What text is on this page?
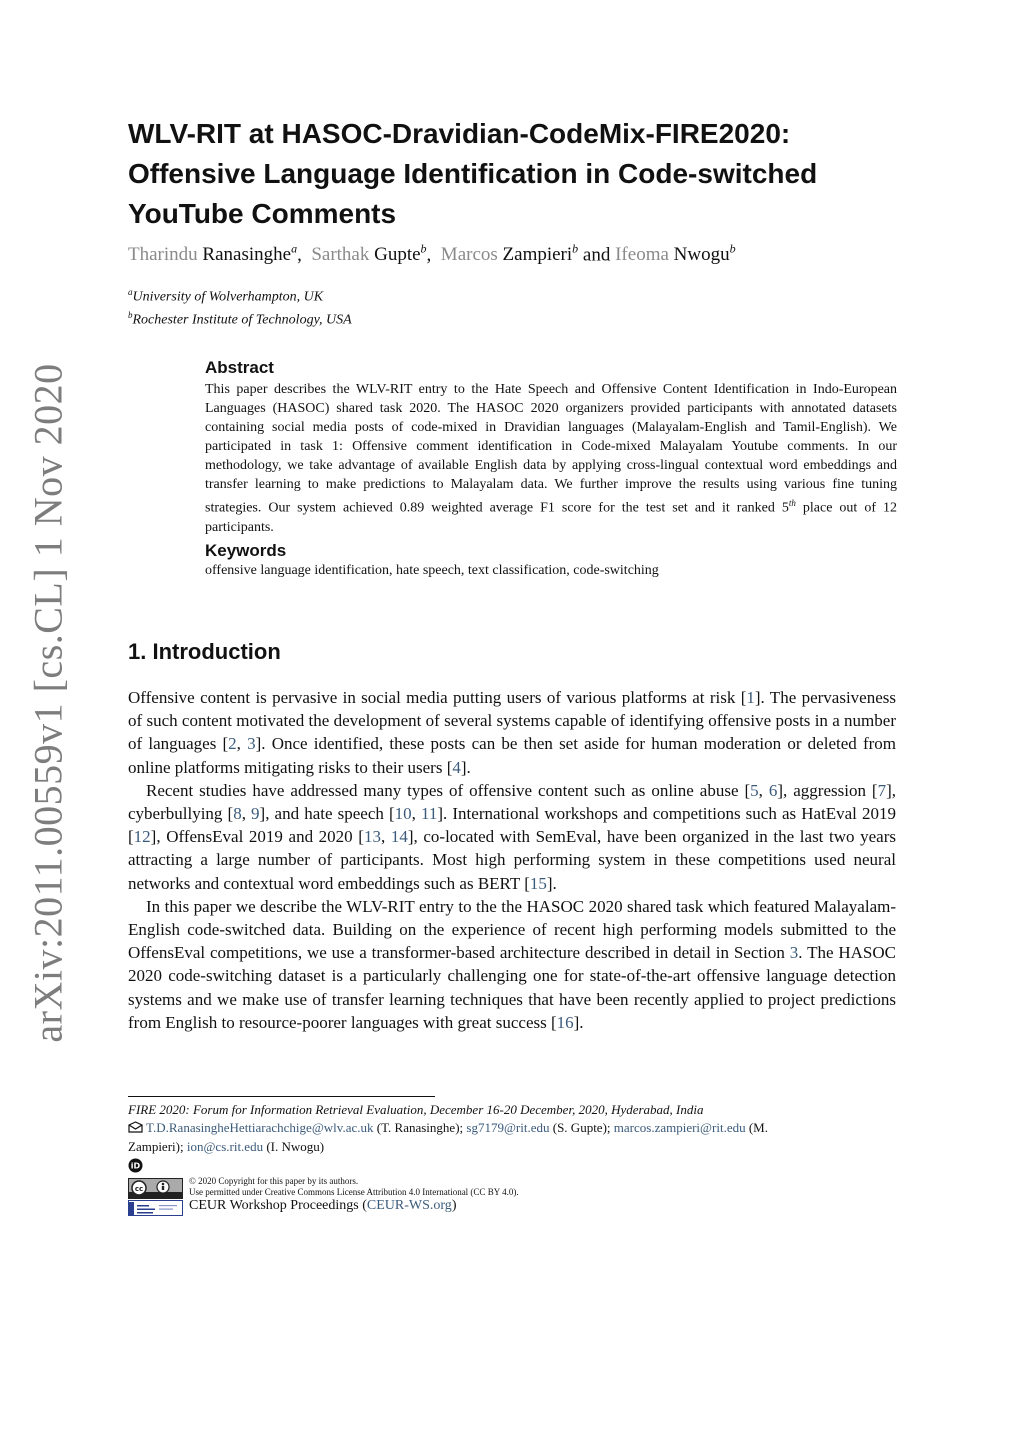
arXiv:2011.00559v1 [cs.CL] 1 Nov 2020
WLV-RIT at HASOC-Dravidian-CodeMix-FIRE2020:
Offensive Language Identification in Code-switched
YouTube Comments
Tharindu Ranasinghe$^a$, Sarthak Gupte$^b$, Marcos Zampieri$^b$ and Ifeoma Nwogu$^b$
$^a$University of Wolverhampton, UK
$^b$Rochester Institute of Technology, USA
Abstract
This paper describes the WLV-RIT entry to the Hate Speech and Offensive Content Identification in Indo-European Languages (HASOC) shared task 2020. The HASOC 2020 organizers provided participants with annotated datasets containing social media posts of code-mixed in Dravidian languages (Malayalam-English and Tamil-English). We participated in task 1: Offensive comment identification in Code-mixed Malayalam Youtube comments. In our methodology, we take advantage of available English data by applying cross-lingual contextual word embeddings and transfer learning to make predictions to Malayalam data. We further improve the results using various fine tuning strategies. Our system achieved 0.89 weighted average F1 score for the test set and it ranked 5th place out of 12 participants.
Keywords
offensive language identification, hate speech, text classification, code-switching
1. Introduction

Offensive content is pervasive in social media putting users of various platforms at risk [1]. The pervasiveness of such content motivated the development of several systems capable of identifying offensive posts in a number of languages [2, 3]. Once identified, these posts can be then set aside for human moderation or deleted from online platforms mitigating risks to their users [4].

Recent studies have addressed many types of offensive content such as online abuse [5, 6], aggression [7], cyberbullying [8, 9], and hate speech [10, 11]. International workshops and competitions such as HatEval 2019 [12], OffensEval 2019 and 2020 [13, 14], co-located with SemEval, have been organized in the last two years attracting a large number of participants. Most high performing system in these competitions used neural networks and contextual word embeddings such as BERT [15].

In this paper we describe the WLV-RIT entry to the the HASOC 2020 shared task which featured Malayalam-English code-switched data. Building on the experience of recent high performing models submitted to the OffensEval competitions, we use a transformer-based architecture described in detail in Section 3. The HASOC 2020 code-switching dataset is a particularly challenging one for state-of-the-art offensive language detection systems and we make use of transfer learning techniques that have been recently applied to project predictions from English to resource-poorer languages with great success [16].

FIRE 2020: Forum for Information Retrieval Evaluation, December 16-20 December, 2020, Hyderabad, India
T.D.RanasingheHettiarachchige@wlv.ac.uk (T. Ranasinghe); sg7179@rit.edu (S. Gupte); marcos.zampieri@rit.edu (M.
Zampieri); ion@cs.rit.edu (I. Nwogu)
iD
cc
© 2020 Copyright for this paper by its authors.
Use permitted under Creative Commons License Attribution 4.0 International (CC BY 4.0).
CEUR Workshop Proceedings (CEUR-WS.org)
